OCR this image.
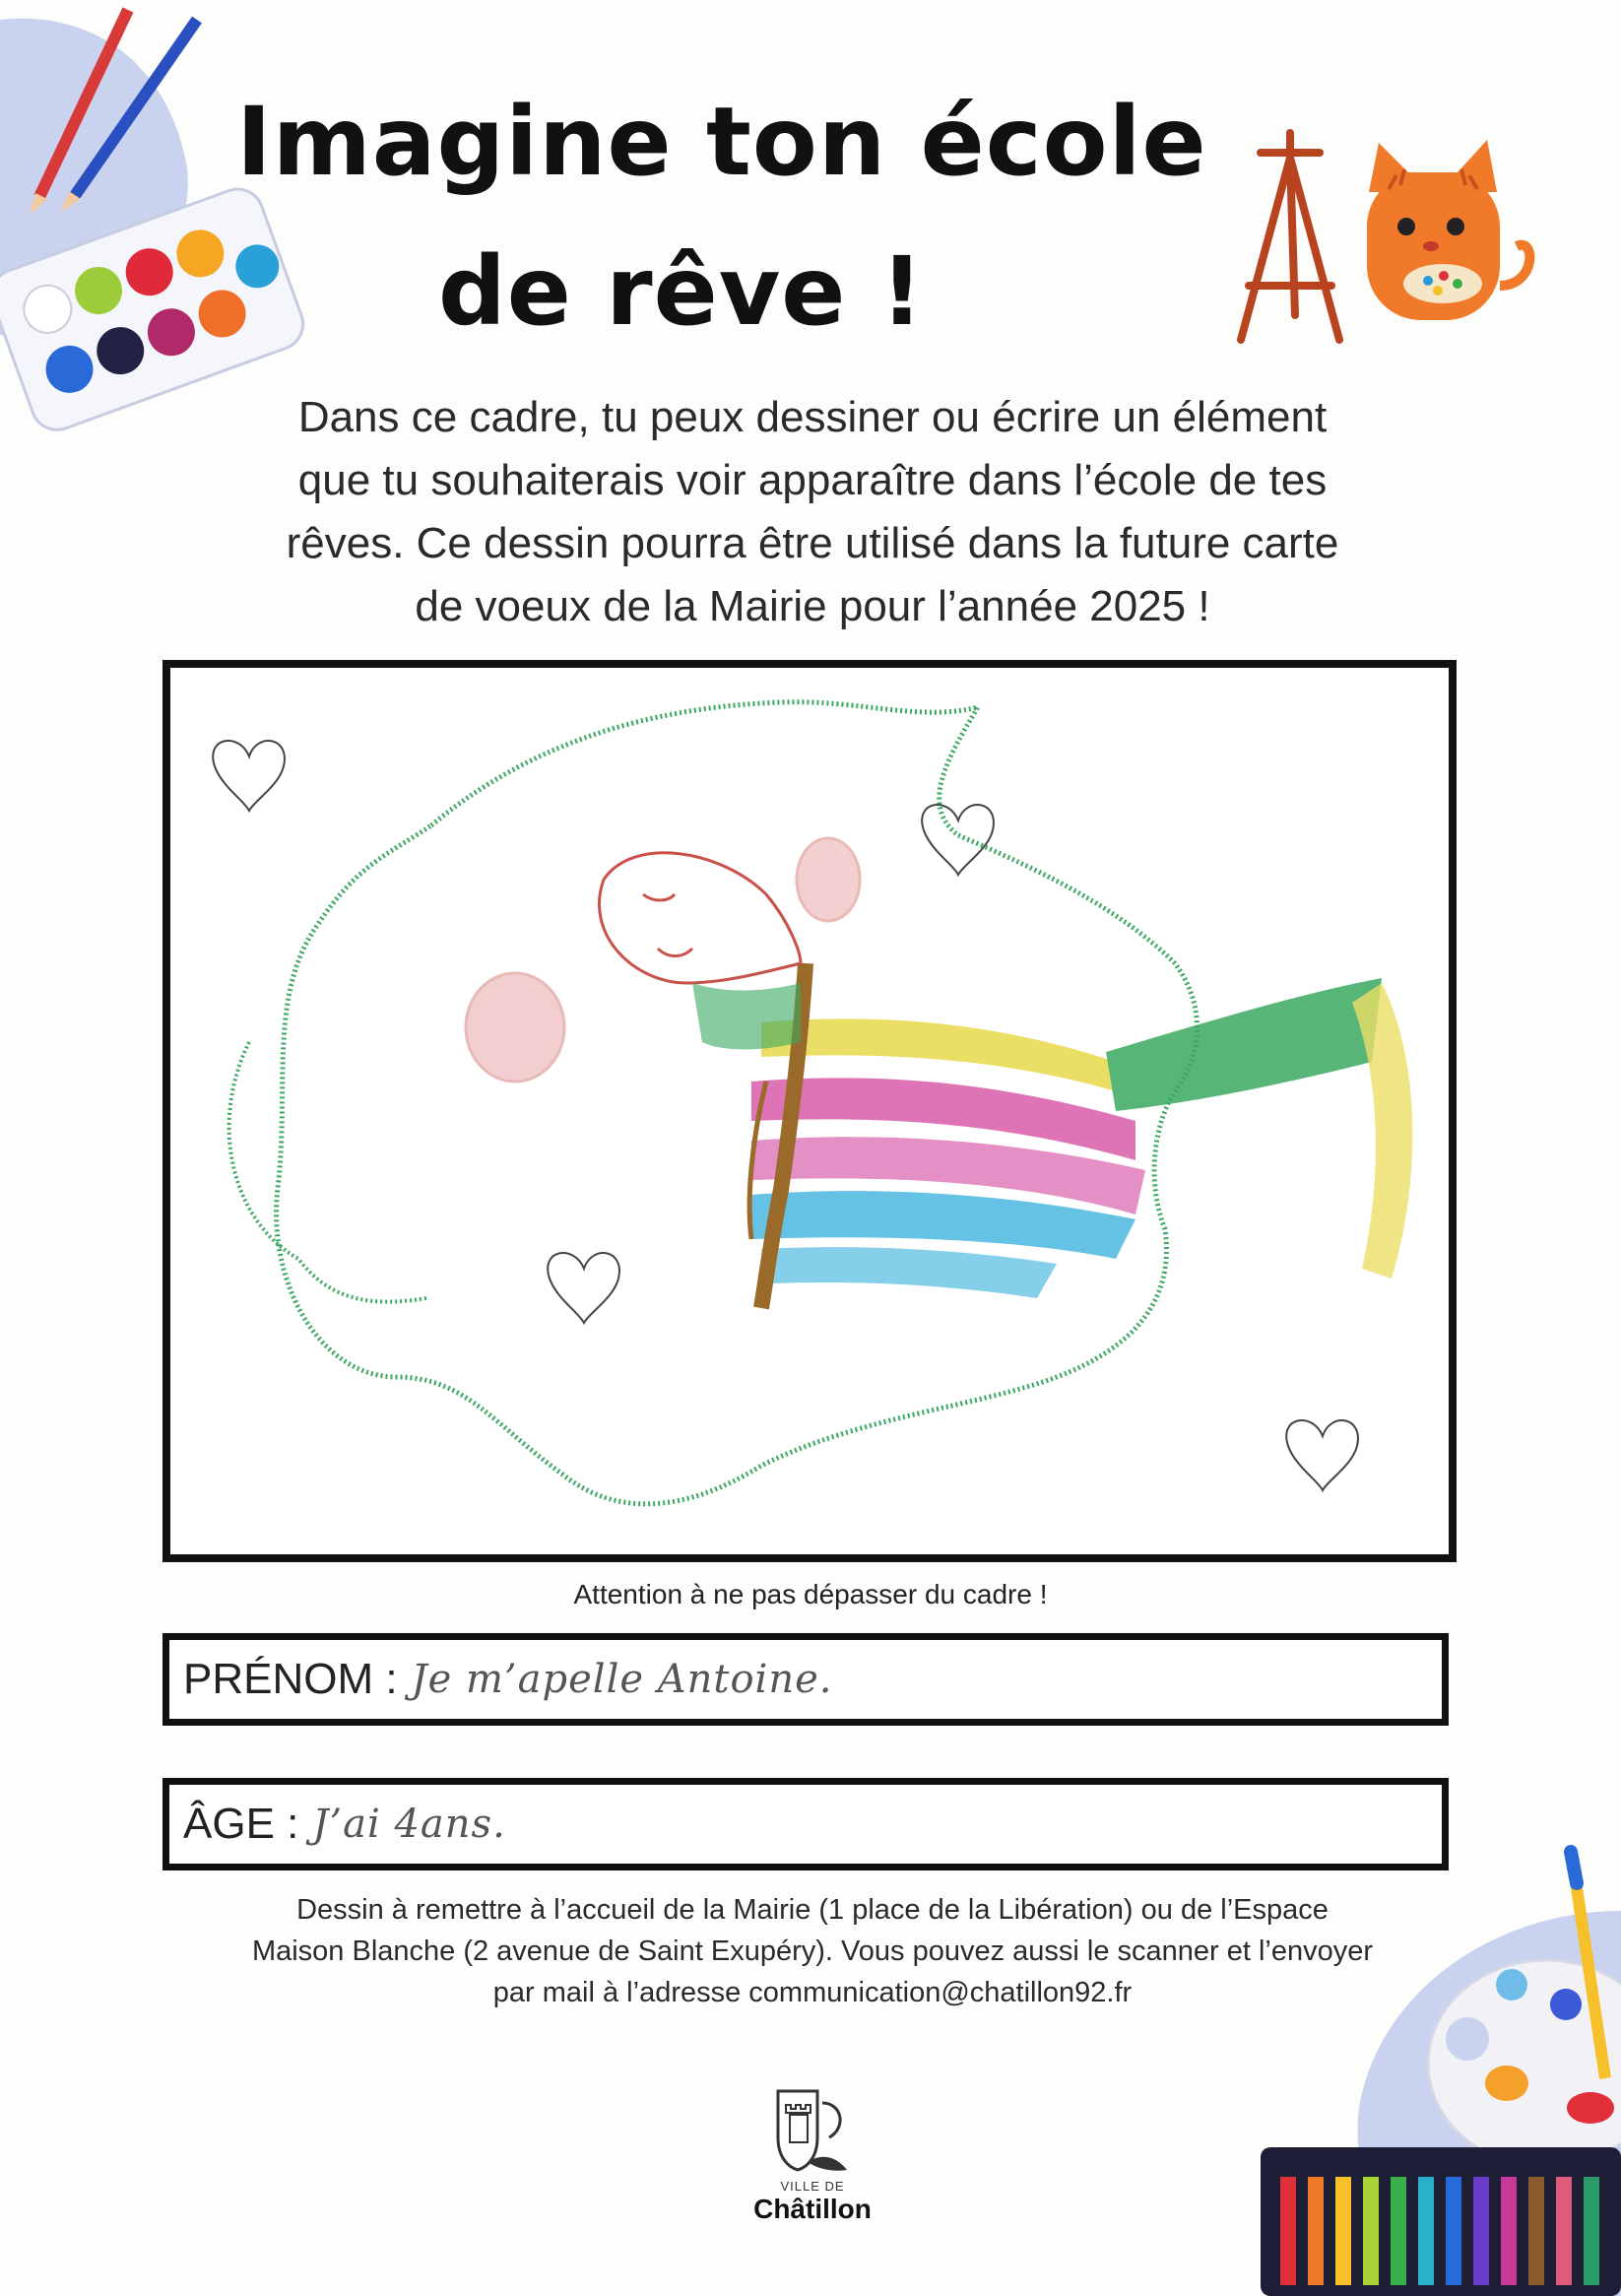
Imagine ton école
de rêve !
Dans ce cadre, tu peux dessiner ou écrire un élément
que tu souhaiterais voir apparaître dans l’école de tes
rêves. Ce dessin pourra être utilisé dans la future carte
de voeux de la Mairie pour l’année 2025 !
Attention à ne pas dépasser du cadre !
PRÉNOM : Je m’apelle Antoine.
ÂGE : J’ai 4ans.
Dessin à remettre à l’accueil de la Mairie (1 place de la Libération) ou de l’Espace
Maison Blanche (2 avenue de Saint Exupéry). Vous pouvez aussi le scanner et l’envoyer
par mail à l’adresse communication@chatillon92.fr
VILLE DE
Châtillon
